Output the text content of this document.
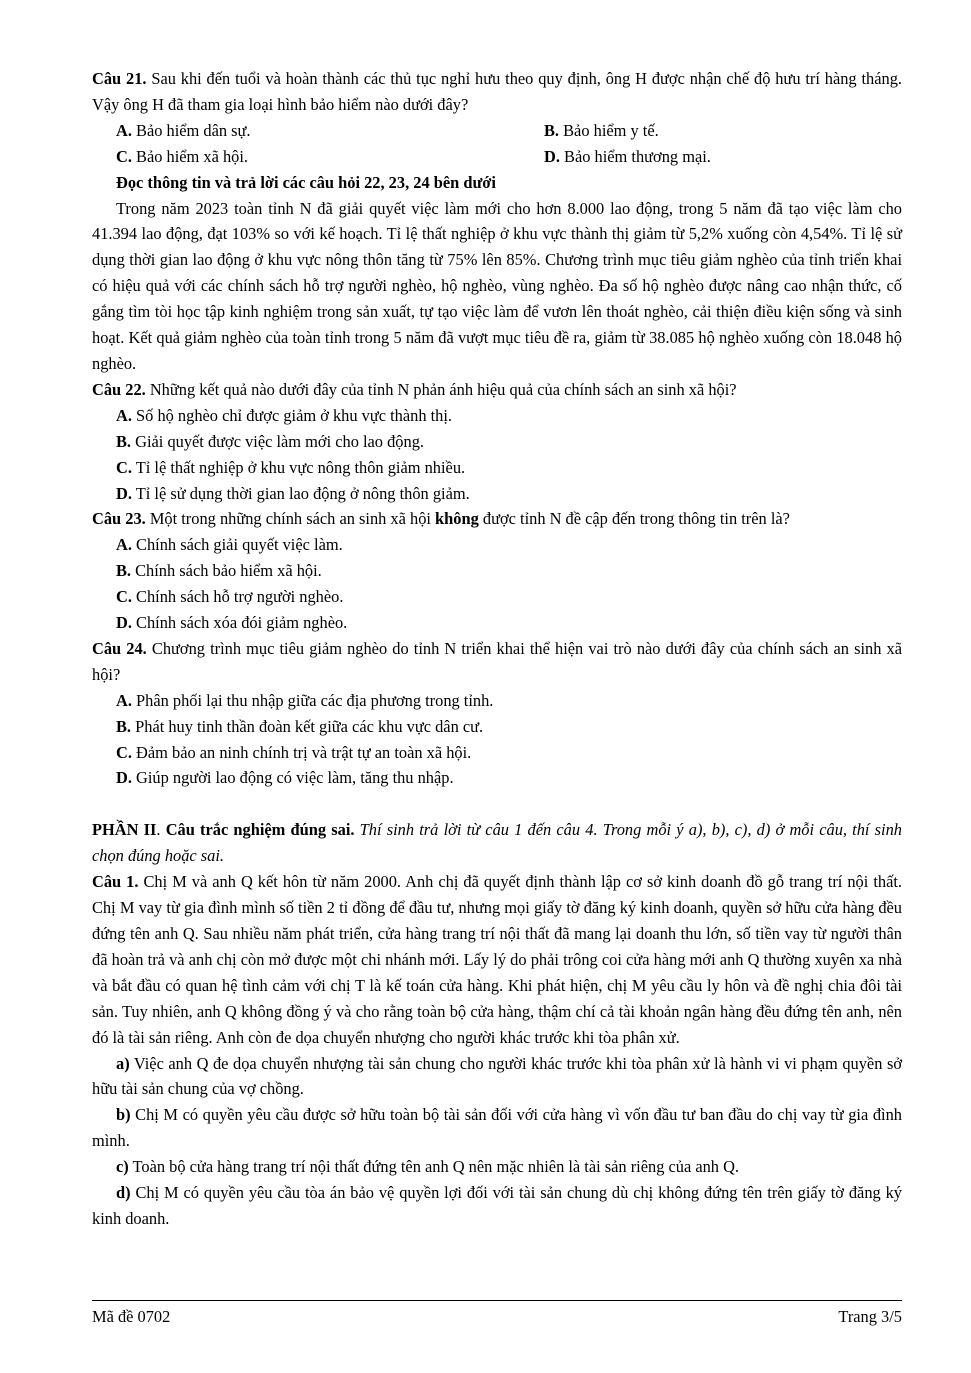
Câu 21. Sau khi đến tuổi và hoàn thành các thủ tục nghỉ hưu theo quy định, ông H được nhận chế độ hưu trí hàng tháng. Vậy ông H đã tham gia loại hình bảo hiểm nào dưới đây?
A. Bảo hiểm dân sự.	B. Bảo hiểm y tế.
C. Bảo hiểm xã hội.	D. Bảo hiểm thương mại.
Đọc thông tin và trả lời các câu hỏi 22, 23, 24 bên dưới
Trong năm 2023 toàn tỉnh N đã giải quyết việc làm mới cho hơn 8.000 lao động, trong 5 năm đã tạo việc làm cho 41.394 lao động, đạt 103% so với kế hoạch. Tỉ lệ thất nghiệp ở khu vực thành thị giảm từ 5,2% xuống còn 4,54%. Tỉ lệ sử dụng thời gian lao động ở khu vực nông thôn tăng từ 75% lên 85%. Chương trình mục tiêu giảm nghèo của tỉnh triển khai có hiệu quả với các chính sách hỗ trợ người nghèo, hộ nghèo, vùng nghèo. Đa số hộ nghèo được nâng cao nhận thức, cố gắng tìm tòi học tập kinh nghiệm trong sản xuất, tự tạo việc làm để vươn lên thoát nghèo, cải thiện điều kiện sống và sinh hoạt. Kết quả giảm nghèo của toàn tỉnh trong 5 năm đã vượt mục tiêu đề ra, giảm từ 38.085 hộ nghèo xuống còn 18.048 hộ nghèo.
Câu 22. Những kết quả nào dưới đây của tỉnh N phản ánh hiệu quả của chính sách an sinh xã hội?
A. Số hộ nghèo chỉ được giảm ở khu vực thành thị.
B. Giải quyết được việc làm mới cho lao động.
C. Tỉ lệ thất nghiệp ở khu vực nông thôn giảm nhiều.
D. Tỉ lệ sử dụng thời gian lao động ở nông thôn giảm.
Câu 23. Một trong những chính sách an sinh xã hội không được tỉnh N đề cập đến trong thông tin trên là?
A. Chính sách giải quyết việc làm.
B. Chính sách bảo hiểm xã hội.
C. Chính sách hỗ trợ người nghèo.
D. Chính sách xóa đói giảm nghèo.
Câu 24. Chương trình mục tiêu giảm nghèo do tỉnh N triển khai thể hiện vai trò nào dưới đây của chính sách an sinh xã hội?
A. Phân phối lại thu nhập giữa các địa phương trong tỉnh.
B. Phát huy tinh thần đoàn kết giữa các khu vực dân cư.
C. Đảm bảo an ninh chính trị và trật tự an toàn xã hội.
D. Giúp người lao động có việc làm, tăng thu nhập.
PHẦN II. Câu trắc nghiệm đúng sai. Thí sinh trả lời từ câu 1 đến câu 4. Trong mỗi ý a), b), c), d) ở mỗi câu, thí sinh chọn đúng hoặc sai.
Câu 1. Chị M và anh Q kết hôn từ năm 2000. Anh chị đã quyết định thành lập cơ sở kinh doanh đồ gỗ trang trí nội thất. Chị M vay từ gia đình mình số tiền 2 tỉ đồng để đầu tư, nhưng mọi giấy tờ đăng ký kinh doanh, quyền sở hữu cửa hàng đều đứng tên anh Q. Sau nhiều năm phát triển, cửa hàng trang trí nội thất đã mang lại doanh thu lớn, số tiền vay từ người thân đã hoàn trả và anh chị còn mở được một chi nhánh mới. Lấy lý do phải trông coi cửa hàng mới anh Q thường xuyên xa nhà và bắt đầu có quan hệ tình cảm với chị T là kế toán cửa hàng. Khi phát hiện, chị M yêu cầu ly hôn và đề nghị chia đôi tài sản. Tuy nhiên, anh Q không đồng ý và cho rằng toàn bộ cửa hàng, thậm chí cả tài khoản ngân hàng đều đứng tên anh, nên đó là tài sản riêng. Anh còn đe dọa chuyển nhượng cho người khác trước khi tòa phân xử.
a) Việc anh Q đe dọa chuyển nhượng tài sản chung cho người khác trước khi tòa phân xử là hành vi vi phạm quyền sở hữu tài sản chung của vợ chồng.
b) Chị M có quyền yêu cầu được sở hữu toàn bộ tài sản đối với cửa hàng vì vốn đầu tư ban đầu do chị vay từ gia đình mình.
c) Toàn bộ cửa hàng trang trí nội thất đứng tên anh Q nên mặc nhiên là tài sản riêng của anh Q.
d) Chị M có quyền yêu cầu tòa án bảo vệ quyền lợi đối với tài sản chung dù chị không đứng tên trên giấy tờ đăng ký kinh doanh.
Mã đề 0702	Trang 3/5
